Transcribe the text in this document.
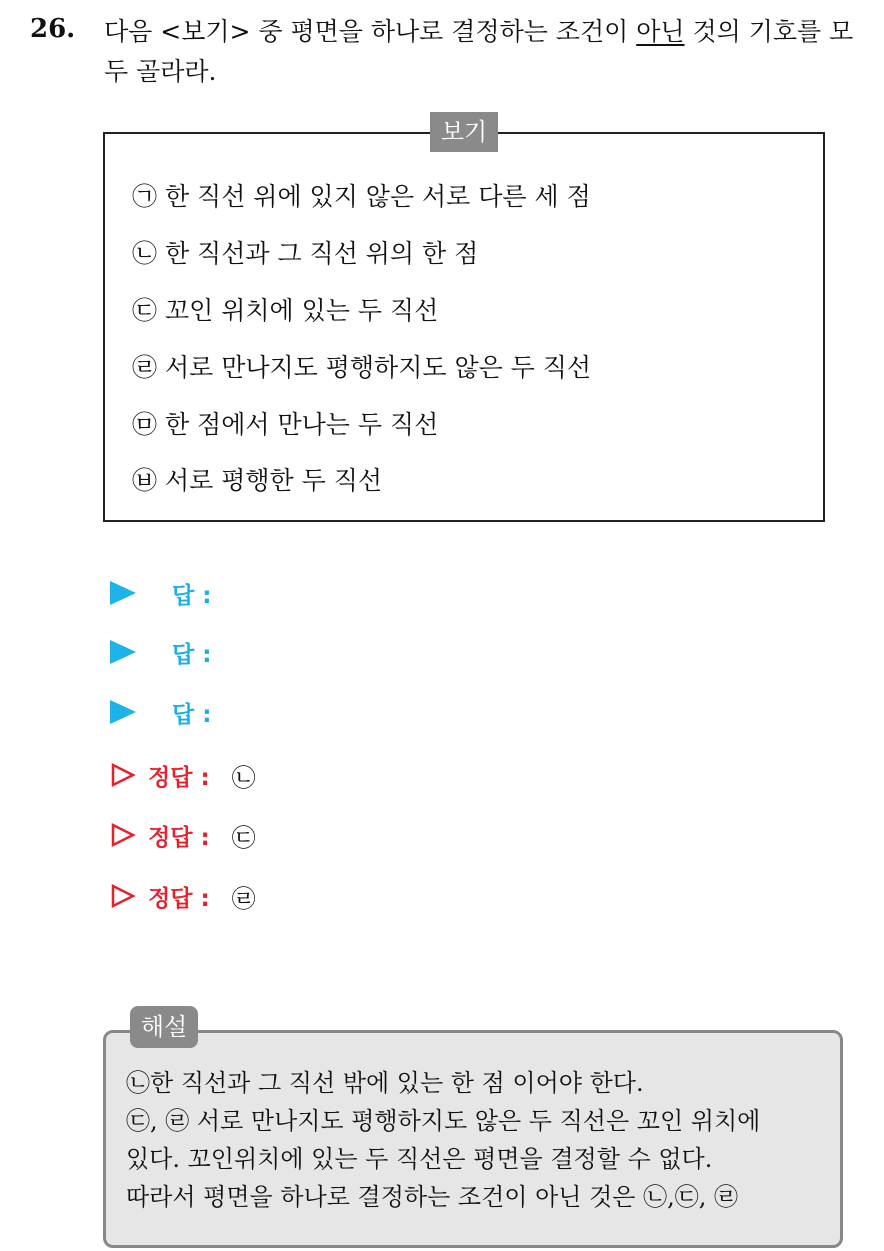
26. 다음 <보기> 중 평면을 하나로 결정하는 조건이 아닌 것의 기호를 모두 골라라.
보기
㉠ 한 직선 위에 있지 않은 서로 다른 세 점
㉡ 한 직선과 그 직선 위의 한 점
㉢ 꼬인 위치에 있는 두 직선
㉣ 서로 만나지도 평행하지도 않은 두 직선
㉤ 한 점에서 만나는 두 직선
㉥ 서로 평행한 두 직선
답 :
답 :
답 :
정답 : ㉡
정답 : ㉢
정답 : ㉣
해설
㉡한 직선과 그 직선 밖에 있는 한 점 이어야 한다.
㉢, ㉣ 서로 만나지도 평행하지도 않은 두 직선은 꼬인 위치에
있다. 꼬인위치에 있는 두 직선은 평면을 결정할 수 없다.
따라서 평면을 하나로 결정하는 조건이 아닌 것은 ㉡,㉢, ㉣
